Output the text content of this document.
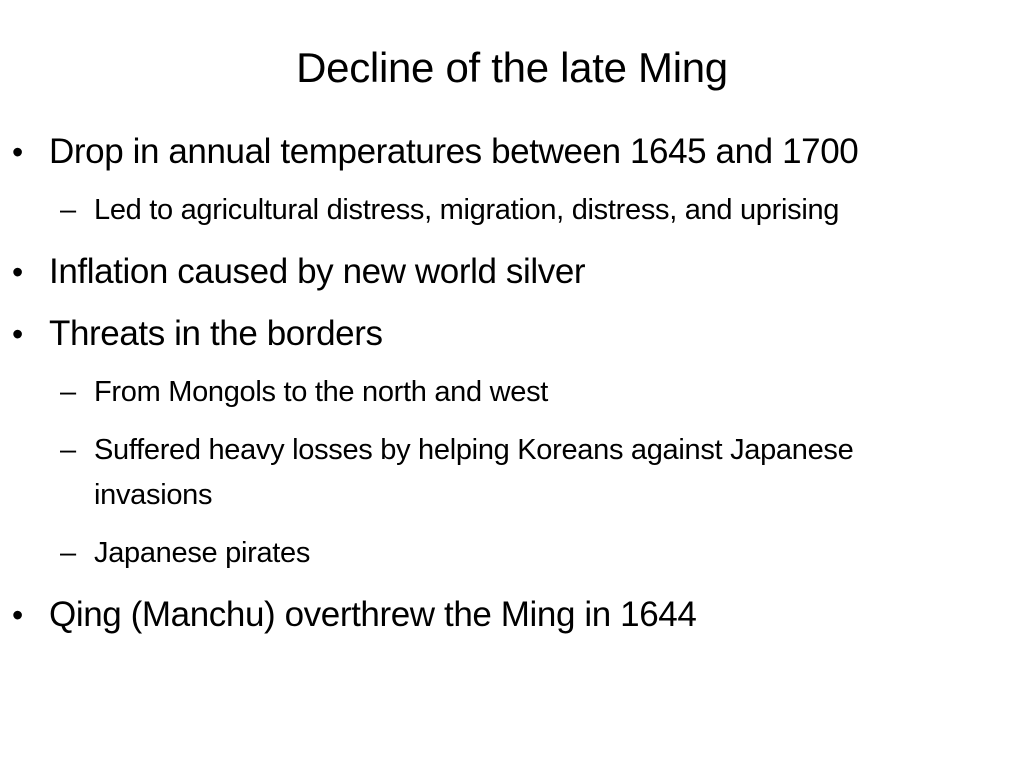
Decline of the late Ming
• Drop in annual temperatures between 1645 and 1700
– Led to agricultural distress, migration, distress, and uprising
• Inflation caused by new world silver
• Threats in the borders
– From Mongols to the north and west
– Suffered heavy losses by helping Koreans against Japanese invasions
– Japanese pirates
• Qing (Manchu) overthrew the Ming in 1644
